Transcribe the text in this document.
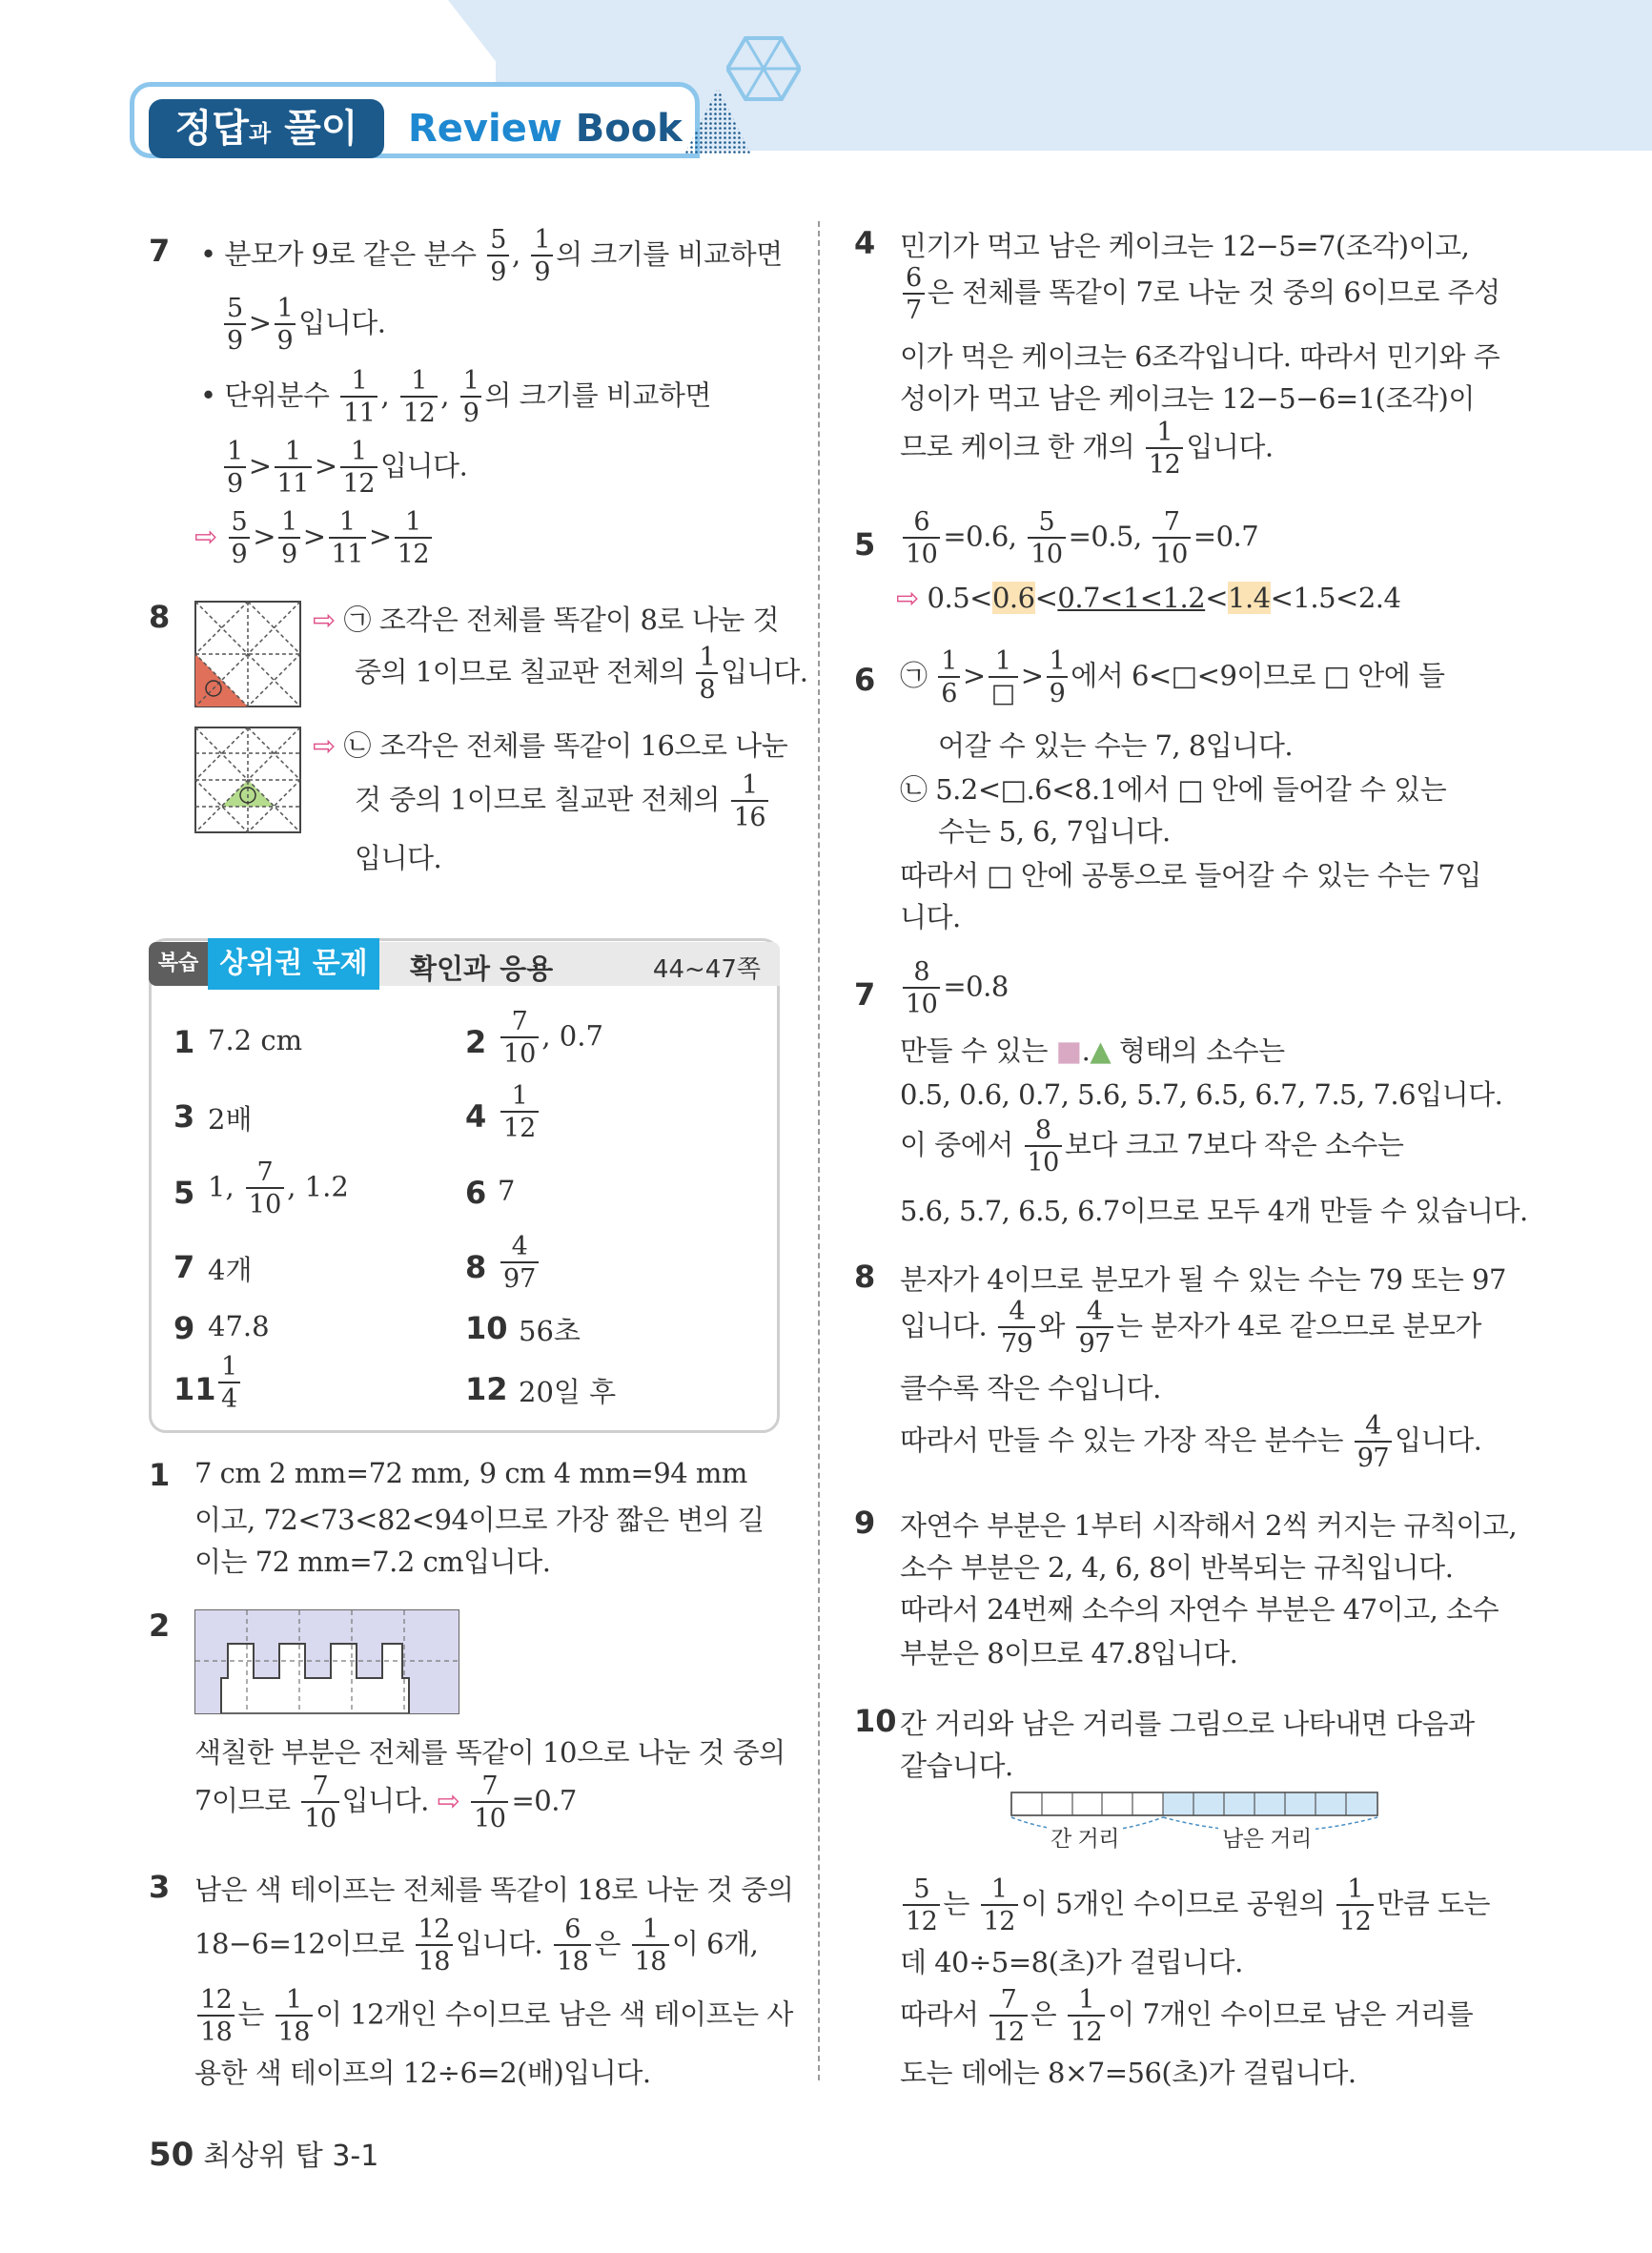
정답과 풀이	Review Book
7 • 분모가 9로 같은 분수 $\frac{5}{9}$ , $\frac{1}{9}$ 의 크기를 비교하면
$\frac{5}{9} > \frac{1}{9}$ 입니다.
• 단위분수 $\frac{1}{11}$ , $\frac{1}{12}$ , $\frac{1}{9}$ 의 크기를 비교하면
$\frac{1}{9} > \frac{1}{11} > \frac{1}{12}$ 입니다.
⇨ $\frac{5}{9} > \frac{1}{9} > \frac{1}{11} > \frac{1}{12}$
8	⇨ ㉠ 조각은 전체를 똑같이 8로 나눈 것
중의 1이므로 칠교판 전체의 $\frac{1}{8}$ 입니다.
⇨ ㉡ 조각은 전체를 똑같이 16으로 나눈
것 중의 1이므로 칠교판 전체의 $\frac{1}{16}$
입니다.
복습 상위권 문제	확인과 응용	44~47쪽
1 7.2 cm	$2 \frac{7}{10}$ , 0.7
3 2배	$4 \frac{1}{12}$
5 1, $\frac{7}{10}$ , 1.2	6 7
7 4개	$8 \frac{4}{97}$
9 47.8	10 56초
$11 \frac{1}{4}$	12 20일 후
1 7 cm 2 mm=72 mm, 9 cm 4 mm=94 mm
이고, 72<73<82<94이므로 가장 짧은 변의 길
이는 72 mm=7.2 cm입니다.
2
색칠한 부분은 전체를 똑같이 10으로 나눈 것 중의
7이므로 $\frac{7}{10}$ 입니다. ⇨ $\frac{7}{10} =0.7$
3 남은 색 테이프는 전체를 똑같이 18로 나눈 것 중의
18−6=12이므로 $\frac{12}{18}$ 입니다. $\frac{6}{18}$ 은 $\frac{1}{18}$ 이 6개,
$\frac{12}{18}$ 는 $\frac{1}{18}$ 이 12개인 수이므로 남은 색 테이프는 사
용한 색 테이프의 12÷6=2(배)입니다.
4 민기가 먹고 남은 케이크는 12−5=7(조각)이고,
$\frac{6}{7}$ 은 전체를 똑같이 7로 나눈 것 중의 6이므로 주성
이가 먹은 케이크는 6조각입니다. 따라서 민기와 주
성이가 먹고 남은 케이크는 12−5−6=1(조각)이
므로 케이크 한 개의 $\frac{1}{12}$ 입니다.
$5 \frac{6}{10} =0.6$, $\frac{5}{10} =0.5$, $\frac{7}{10} =0.7$
⇨ 0.5<0.6<0.7<1<1.2<1.4<1.5<2.4
6 ㉠ $\frac{1}{6} > \frac{1}{□} > \frac{1}{9}$ 에서 6<□<9이므로 □ 안에 들
어갈 수 있는 수는 7, 8입니다.
㉡ 5.2<□.6<8.1에서 □ 안에 들어갈 수 있는
수는 5, 6, 7입니다.
따라서 □ 안에 공통으로 들어갈 수 있는 수는 7입
니다.
$7 \frac{8}{10} =0.8$
만들 수 있는 ■.▲ 형태의 소수는
0.5, 0.6, 0.7, 5.6, 5.7, 6.5, 6.7, 7.5, 7.6입니다.
이 중에서 $\frac{8}{10}$ 보다 크고 7보다 작은 소수는
5.6, 5.7, 6.5, 6.7이므로 모두 4개 만들 수 있습니다.
8 분자가 4이므로 분모가 될 수 있는 수는 79 또는 97
입니다. $\frac{4}{79}$ 와 $\frac{4}{97}$ 는 분자가 4로 같으므로 분모가
클수록 작은 수입니다.
따라서 만들 수 있는 가장 작은 분수는 $\frac{4}{97}$ 입니다.
9 자연수 부분은 1부터 시작해서 2씩 커지는 규칙이고,
소수 부분은 2, 4, 6, 8이 반복되는 규칙입니다.
따라서 24번째 소수의 자연수 부분은 47이고, 소수
부분은 8이므로 47.8입니다.
10 간 거리와 남은 거리를 그림으로 나타내면 다음과
같습니다.
간 거리	남은 거리
$\frac{5}{12}$ 는 $\frac{1}{12}$ 이 5개인 수이므로 공원의 $\frac{1}{12}$ 만큼 도는
데 40÷5=8(초)가 걸립니다.
따라서 $\frac{7}{12}$ 은 $\frac{1}{12}$ 이 7개인 수이므로 남은 거리를
도는 데에는 8×7=56(초)가 걸립니다.
50 최상위 탑 3-1
